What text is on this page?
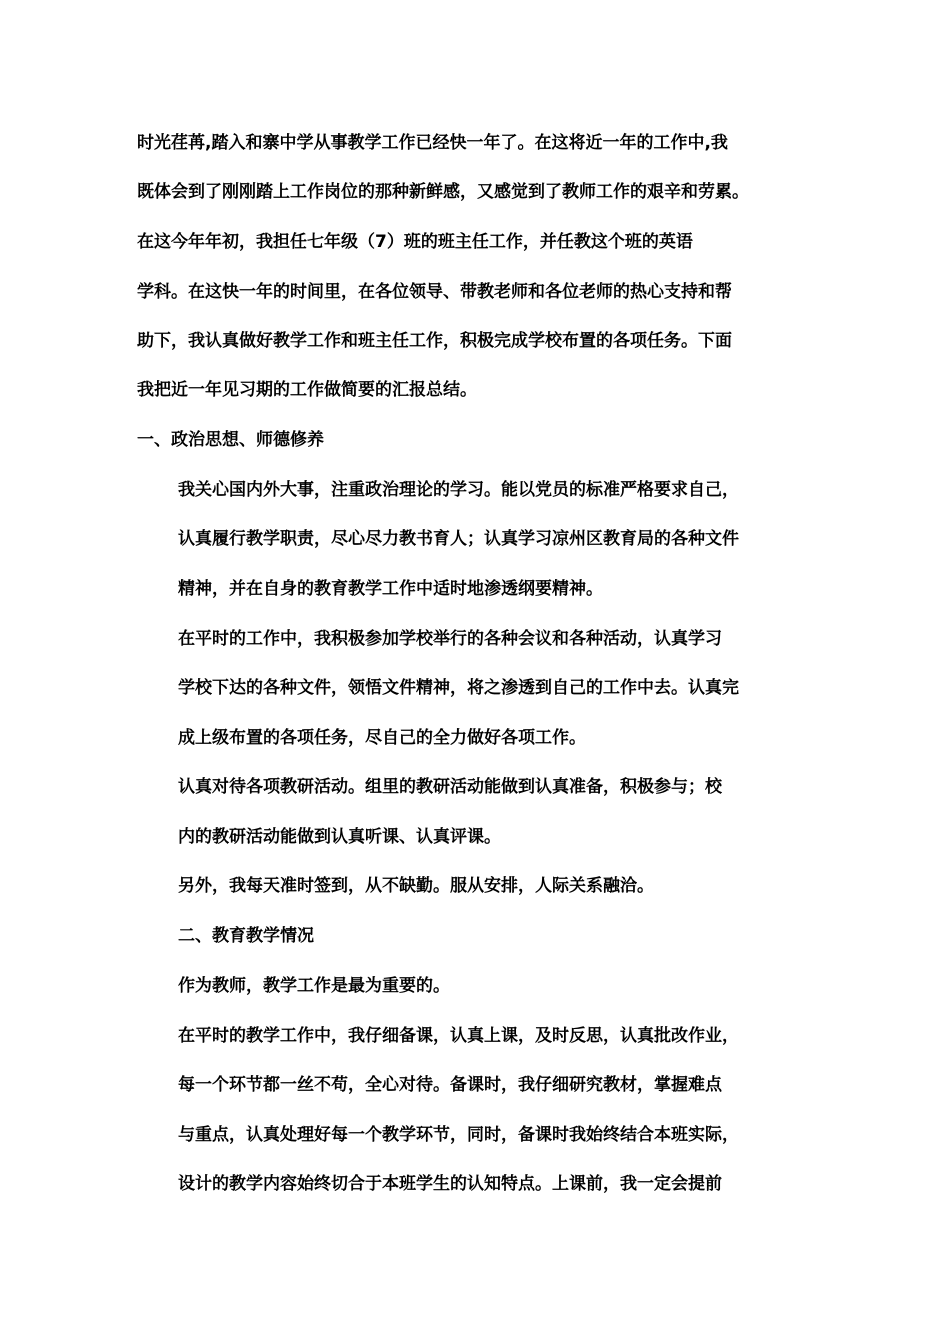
时光荏苒,踏入和寨中学从事教学工作已经快一年了。在这将近一年的工作中,我
既体会到了刚刚踏上工作岗位的那种新鲜感，又感觉到了教师工作的艰辛和劳累。
在这今年年初，我担任七年级（7）班的班主任工作，并任教这个班的英语
学科。在这快一年的时间里，在各位领导、带教老师和各位老师的热心支持和帮
助下，我认真做好教学工作和班主任工作，积极完成学校布置的各项任务。下面
我把近一年见习期的工作做简要的汇报总结。
一、政治思想、师德修养
我关心国内外大事，注重政治理论的学习。能以党员的标准严格要求自己，
认真履行教学职责，尽心尽力教书育人；认真学习凉州区教育局的各种文件
精神，并在自身的教育教学工作中适时地渗透纲要精神。
在平时的工作中，我积极参加学校举行的各种会议和各种活动，认真学习
学校下达的各种文件，领悟文件精神，将之渗透到自己的工作中去。认真完
成上级布置的各项任务，尽自己的全力做好各项工作。
认真对待各项教研活动。组里的教研活动能做到认真准备，积极参与；校
内的教研活动能做到认真听课、认真评课。
另外，我每天准时签到，从不缺勤。服从安排，人际关系融洽。
二、教育教学情况
作为教师，教学工作是最为重要的。
在平时的教学工作中，我仔细备课，认真上课，及时反思，认真批改作业，
每一个环节都一丝不苟，全心对待。备课时，我仔细研究教材，掌握难点
与重点，认真处理好每一个教学环节，同时，备课时我始终结合本班实际，
设计的教学内容始终切合于本班学生的认知特点。上课前，我一定会提前
